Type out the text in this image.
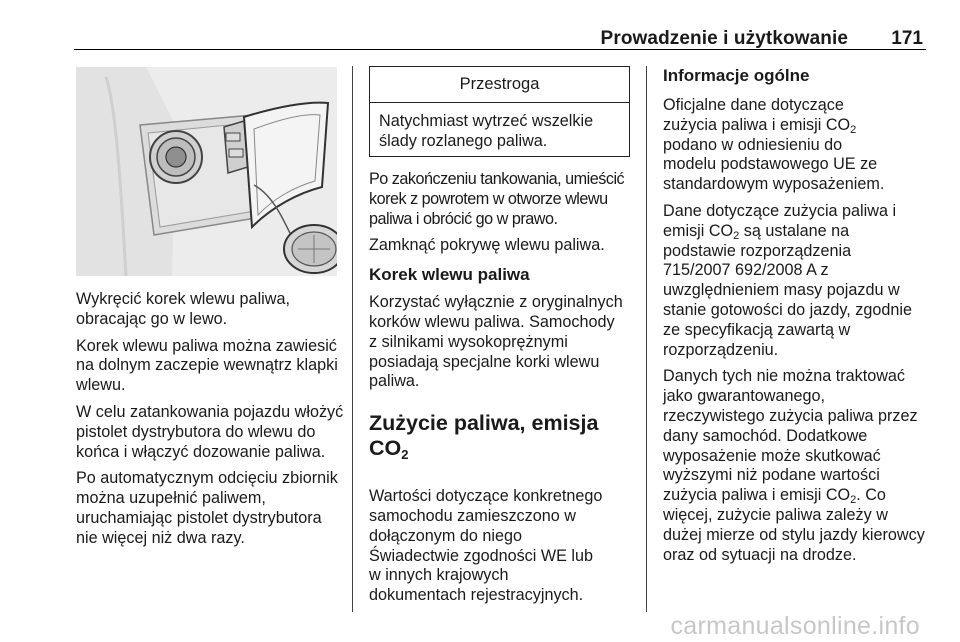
Prowadzenie i użytkowanie 171

Wykręcić korek wlewu paliwa, obracając go w lewo.

Korek wlewu paliwa można zawiesić na dolnym zaczepie wewnątrz klapki wlewu.

W celu zatankowania pojazdu włożyć pistolet dystrybutora do wlewu do końca i włączyć dozowanie paliwa.

Po automatycznym odcięciu zbiornik można uzupełnić paliwem, uruchamiając pistolet dystrybutora nie więcej niż dwa razy.

Przestroga
Natychmiast wytrzeć wszelkie ślady rozlanego paliwa.

Po zakończeniu tankowania, umieścić korek z powrotem w otworze wlewu paliwa i obrócić go w prawo.

Zamknąć pokrywę wlewu paliwa.

Korek wlewu paliwa

Korzystać wyłącznie z oryginalnych korków wlewu paliwa. Samochody z silnikami wysokoprężnymi posiadają specjalne korki wlewu paliwa.

Zużycie paliwa, emisja $CO_2$

Wartości dotyczące konkretnego samochodu zamieszczono w dołączonym do niego Świadectwie zgodności WE lub w innych krajowych dokumentach rejestracyjnych.

Informacje ogólne

Oficjalne dane dotyczące zużycia paliwa i emisji $CO_2$ podano w odniesieniu do modelu podstawowego UE ze standardowym wyposażeniem.

Dane dotyczące zużycia paliwa i emisji $CO_2$ są ustalane na podstawie rozporządzenia
715/2007 692/2008 A z uwzględnieniem masy pojazdu w stanie gotowości do jazdy, zgodnie ze specyfikacją zawartą w rozporządzeniu.

Danych tych nie można traktować jako gwarantowanego, rzeczywistego zużycia paliwa przez dany samochód. Dodatkowe wyposażenie może skutkować wyższymi niż podane wartości zużycia paliwa i emisji $CO_2$. Co więcej, zużycie paliwa zależy w dużej mierze od stylu jazdy kierowcy oraz od sytuacji na drodze.

carmanualsonline.info
